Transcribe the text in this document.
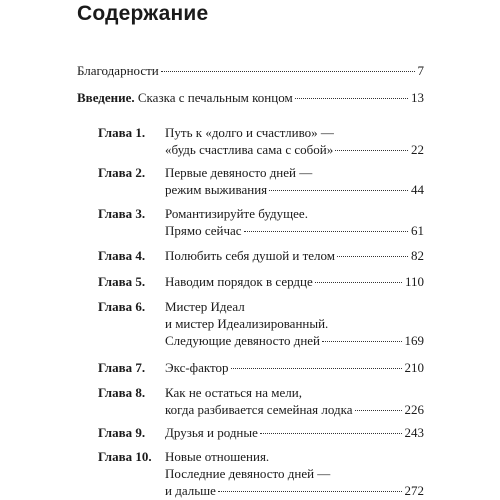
Содержание
Благодарности	7
Введение. Сказка с печальным концом	13
Глава 1. Путь к «долго и счастливо» —
«будь счастлива сама с собой»	22
Глава 2. Первые девяносто дней —
режим выживания	44
Глава 3. Романтизируйте будущее.
Прямо сейчас	61
Глава 4. Полюбить себя душой и телом	82
Глава 5. Наводим порядок в сердце	110
Глава 6. Мистер Идеал
и мистер Идеализированный.
Следующие девяносто дней	169
Глава 7. Экс-фактор	210
Глава 8. Как не остаться на мели,
когда разбивается семейная лодка	226
Глава 9. Друзья и родные	243
Глава 10. Новые отношения.
Последние девяносто дней —
и дальше	272
